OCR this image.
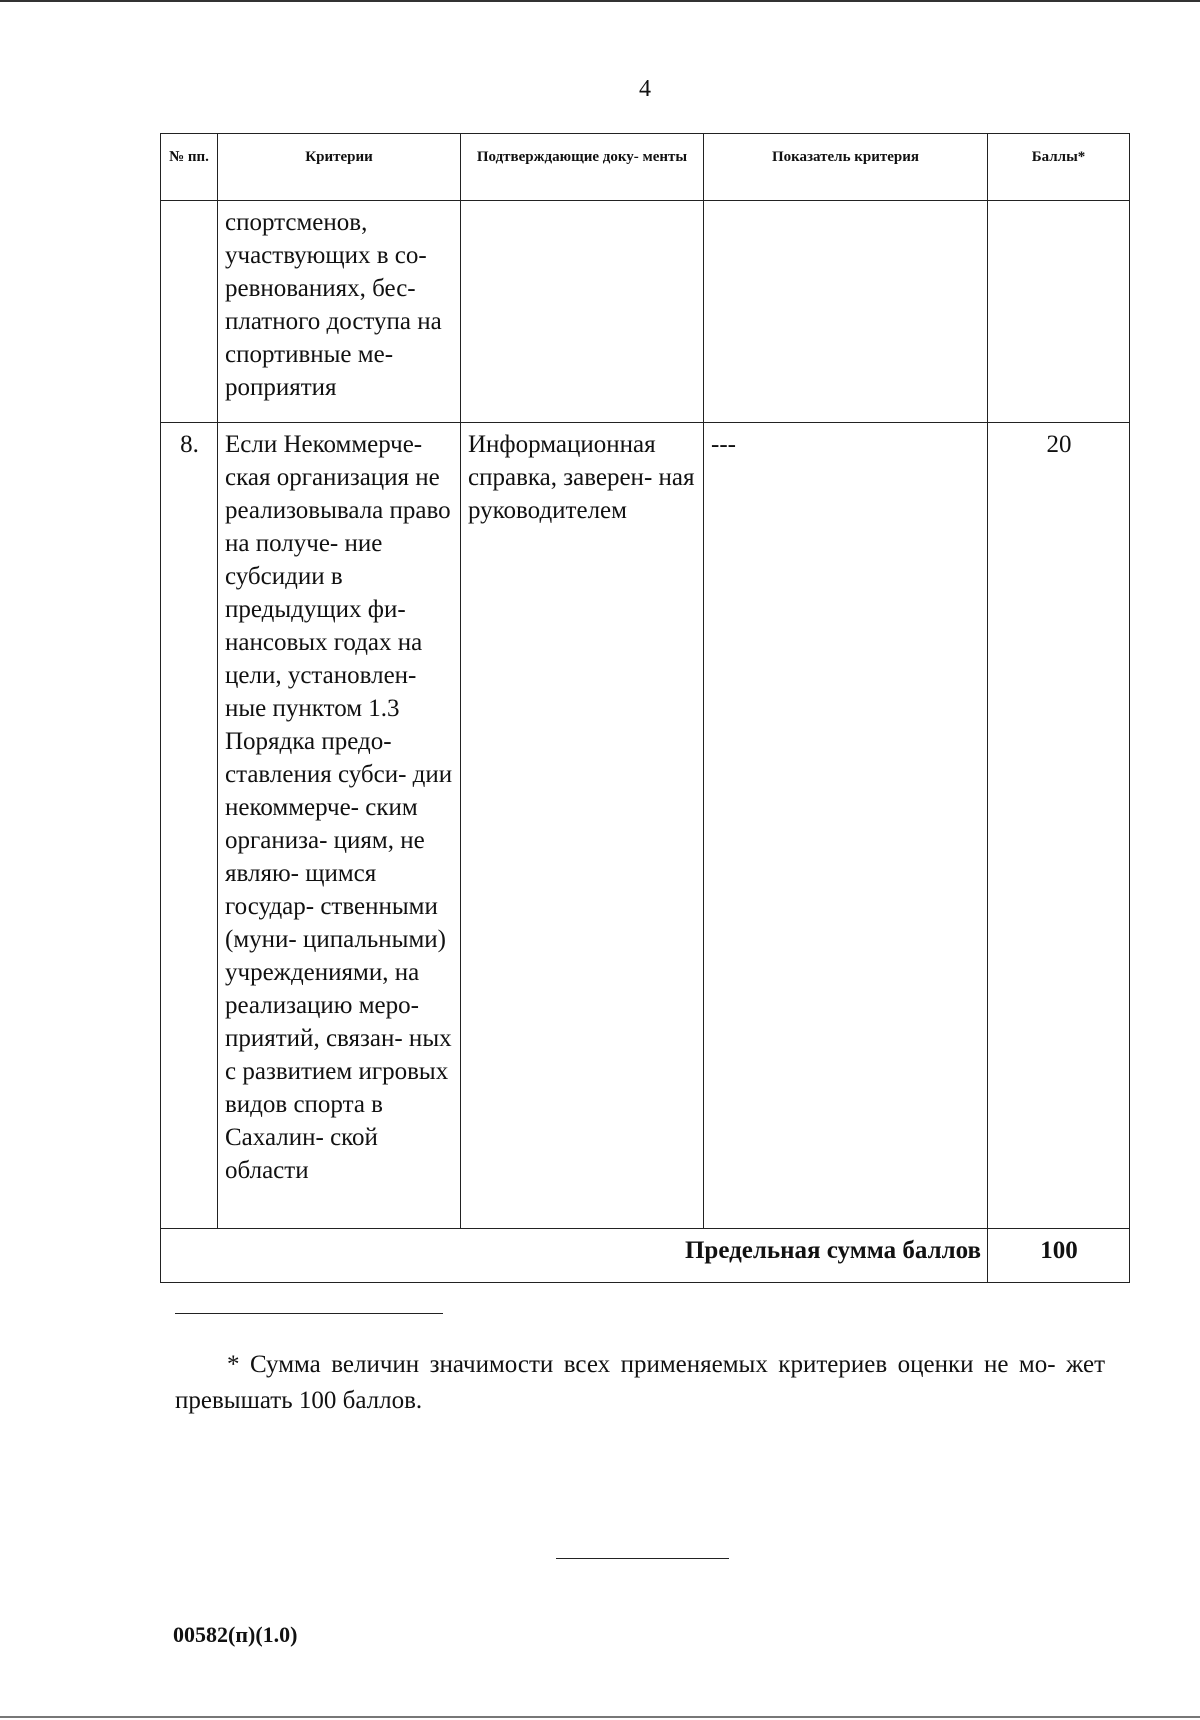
4
№ пп.	Критерии	Подтверждающие доку- менты	Показатель критерия	Баллы*
	спортсменов, участвующих в со- ревнованиях, бес- платного доступа на спортивные ме- роприятия			
8.	Если Некоммерче- ская организация не реализовывала право на получе- ние субсидии в предыдущих фи- нансовых годах на цели, установлен- ные пунктом 1.3 Порядка предо- ставления субси- дии некоммерче- ским организа- циям, не являю- щимся государ- ственными (муни- ципальными) учреждениями, на реализацию меро- приятий, связан- ных с развитием игровых видов спорта в Сахалин- ской области	Информационная справка, заверен- ная руководителем	---	20
Предельная сумма баллов				100
* Сумма величин значимости всех применяемых критериев оценки не мо- жет превышать 100 баллов.
00582(п)(1.0)
